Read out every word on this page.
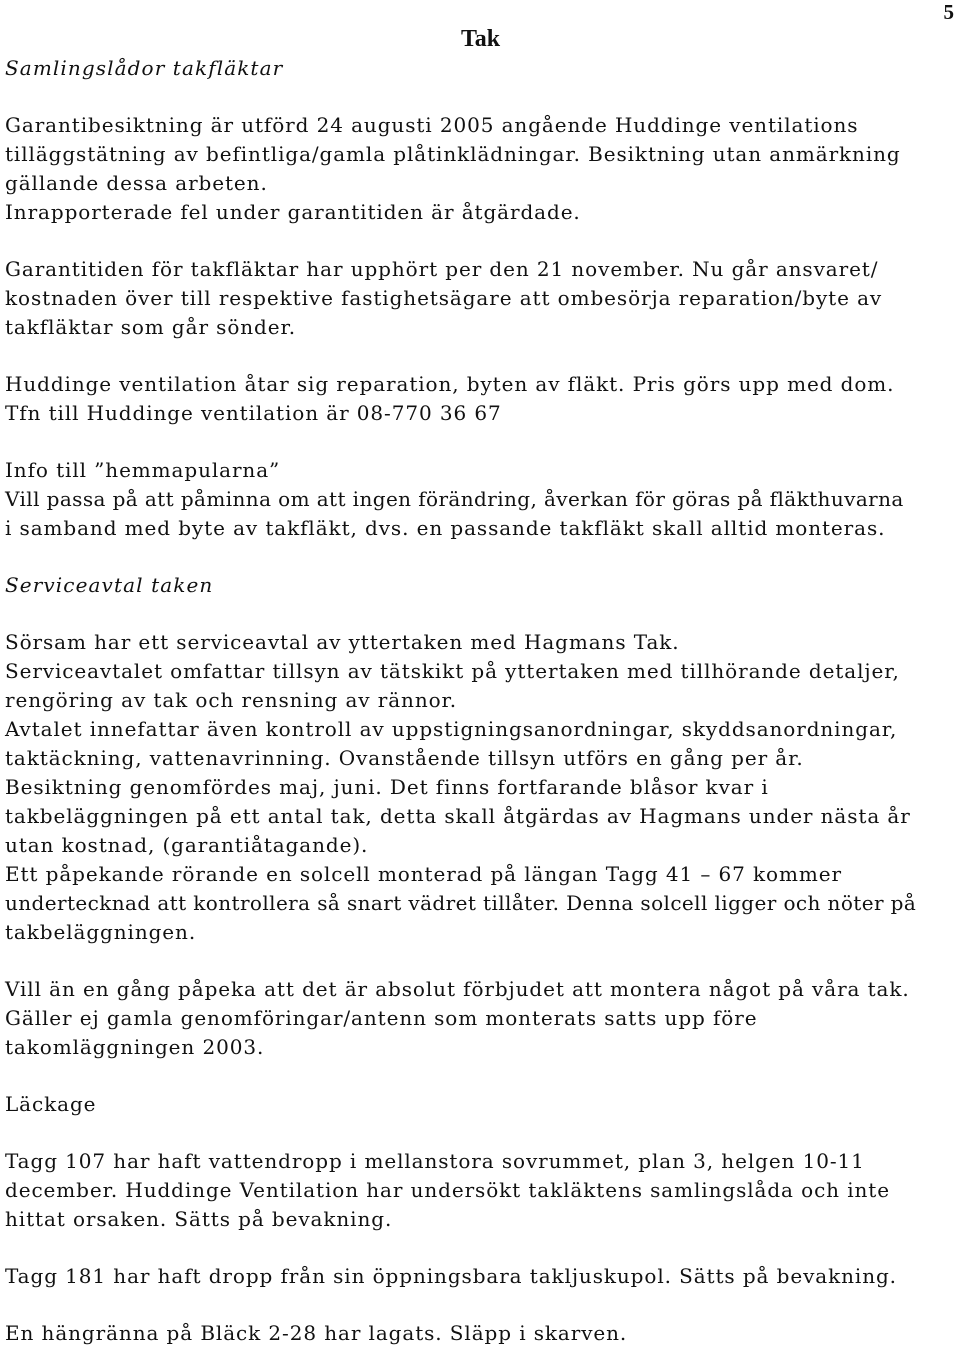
5
Tak
Samlingslådor takfläktar
Garantibesiktning är utförd 24 augusti 2005 angående Huddinge ventilations
tilläggstätning av befintliga/gamla plåtinklädningar. Besiktning utan anmärkning
gällande dessa arbeten.
Inrapporterade fel under garantitiden är åtgärdade.
Garantitiden för takfläktar har upphört per den 21 november. Nu går ansvaret/
kostnaden över till respektive fastighetsägare att ombesörja reparation/byte av
takfläktar som går sönder.
Huddinge ventilation åtar sig reparation, byten av fläkt. Pris görs upp med dom.
Tfn till Huddinge ventilation är 08-770 36 67
Info till ”hemmapularna”
Vill passa på att påminna om att ingen förändring, åverkan för göras på fläkthuvarna
i samband med byte av takfläkt, dvs. en passande takfläkt skall alltid monteras.
Serviceavtal taken
Sörsam har ett serviceavtal av yttertaken med Hagmans Tak.
Serviceavtalet omfattar tillsyn av tätskikt på yttertaken med tillhörande detaljer,
rengöring av tak och rensning av rännor.
Avtalet innefattar även kontroll av uppstigningsanordningar, skyddsanordningar,
taktäckning, vattenavrinning. Ovanstående tillsyn utförs en gång per år.
Besiktning genomfördes maj, juni. Det finns fortfarande blåsor kvar i
takbeläggningen på ett antal tak, detta skall åtgärdas av Hagmans under nästa år
utan kostnad, (garantiåtagande).
Ett påpekande rörande en solcell monterad på längan Tagg 41 – 67 kommer
undertecknad att kontrollera så snart vädret tillåter. Denna solcell ligger och nöter på
takbeläggningen.
Vill än en gång påpeka att det är absolut förbjudet att montera något på våra tak.
Gäller ej gamla genomföringar/antenn som monterats satts upp före
takomläggningen 2003.
Läckage
Tagg 107 har haft vattendropp i mellanstora sovrummet, plan 3, helgen 10-11
december. Huddinge Ventilation har undersökt takläktens samlingslåda och inte
hittat orsaken. Sätts på bevakning.
Tagg 181 har haft dropp från sin öppningsbara takljuskupol. Sätts på bevakning.
En hängränna på Bläck 2-28 har lagats. Släpp i skarven.
